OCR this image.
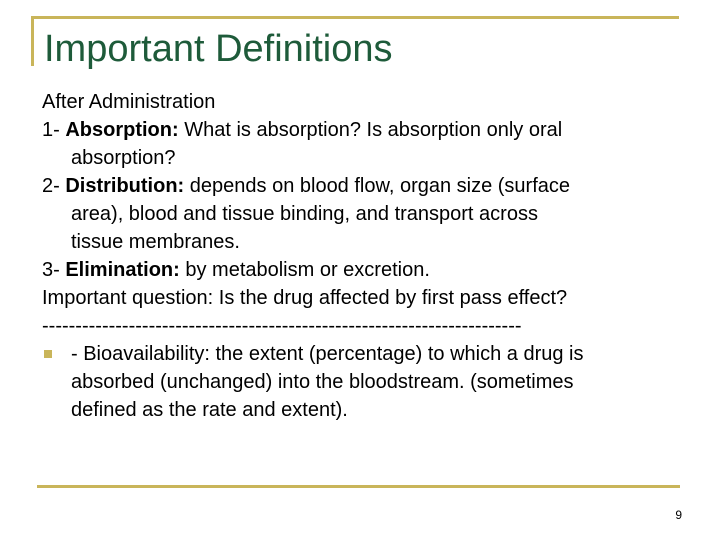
Important Definitions
After Administration
1- Absorption: What is absorption? Is absorption only oral
absorption?
2- Distribution: depends on blood flow, organ size (surface
area), blood and tissue binding, and transport across
tissue membranes.
3- Elimination: by metabolism or excretion.
Important question: Is the drug affected by first pass effect?
------------------------------------------------------------------------
- Bioavailability: the extent (percentage) to which a drug is
absorbed (unchanged) into the bloodstream. (sometimes
defined as the rate and extent).
9
